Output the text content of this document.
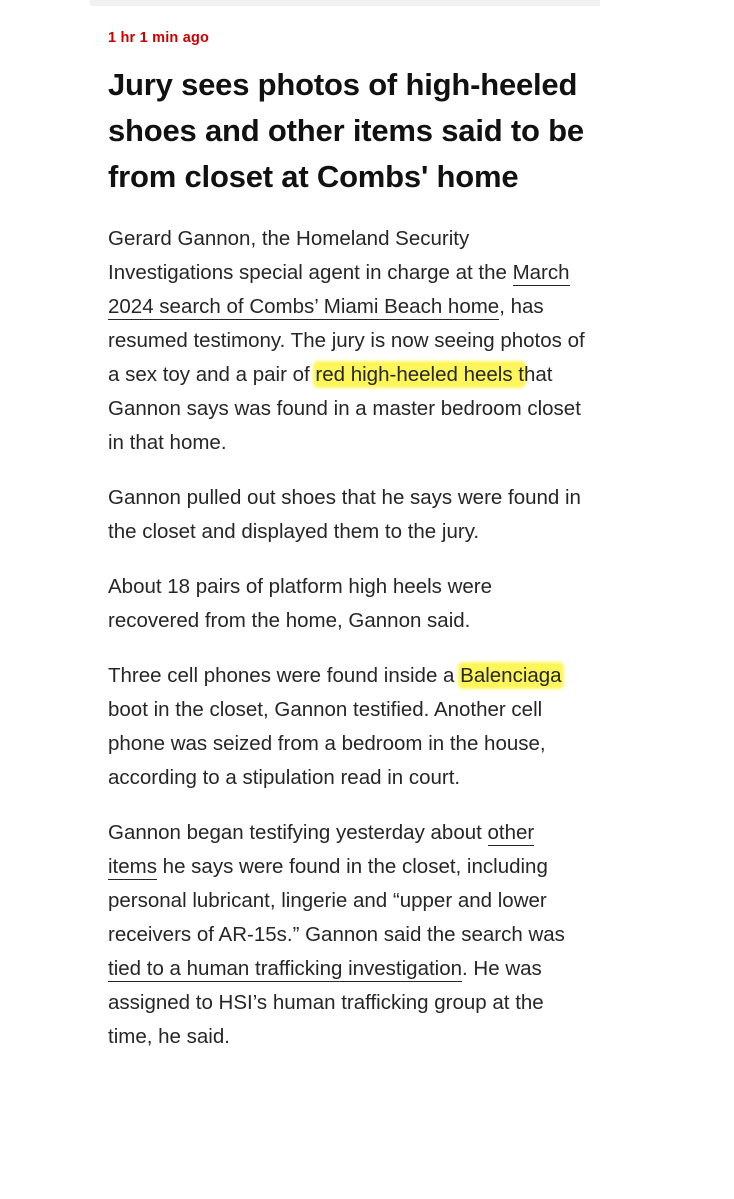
1 hr 1 min ago

Jury sees photos of high-heeled shoes and other items said to be from closet at Combs' home

Gerard Gannon, the Homeland Security Investigations special agent in charge at the March 2024 search of Combs’ Miami Beach home, has resumed testimony. The jury is now seeing photos of a sex toy and a pair of red high-heeled heels that Gannon says was found in a master bedroom closet in that home.

Gannon pulled out shoes that he says were found in the closet and displayed them to the jury.

About 18 pairs of platform high heels were recovered from the home, Gannon said.

Three cell phones were found inside a Balenciaga boot in the closet, Gannon testified. Another cell phone was seized from a bedroom in the house, according to a stipulation read in court.

Gannon began testifying yesterday about other items he says were found in the closet, including personal lubricant, lingerie and “upper and lower receivers of AR-15s.” Gannon said the search was tied to a human trafficking investigation. He was assigned to HSI’s human trafficking group at the time, he said.
